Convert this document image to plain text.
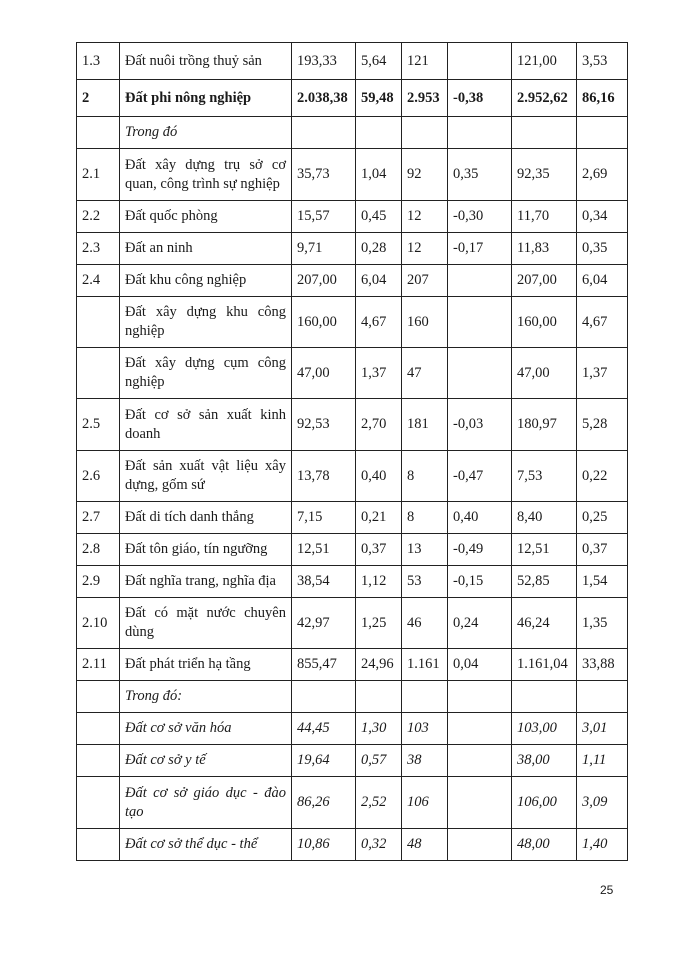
1.3	Đất nuôi trồng thuỷ sản	193,33	5,64	121		121,00	3,53
2	Đất phi nông nghiệp	2.038,38	59,48	2.953	-0,38	2.952,62	86,16
	Trong đó						
2.1	Đất xây dựng trụ sở cơ quan, công trình sự nghiệp	35,73	1,04	92	0,35	92,35	2,69
2.2	Đất quốc phòng	15,57	0,45	12	-0,30	11,70	0,34
2.3	Đất an ninh	9,71	0,28	12	-0,17	11,83	0,35
2.4	Đất khu công nghiệp	207,00	6,04	207		207,00	6,04
	Đất xây dựng khu công nghiệp	160,00	4,67	160		160,00	4,67
	Đất xây dựng cụm công nghiệp	47,00	1,37	47		47,00	1,37
2.5	Đất cơ sở sản xuất kinh doanh	92,53	2,70	181	-0,03	180,97	5,28
2.6	Đất sản xuất vật liệu xây dựng, gốm sứ	13,78	0,40	8	-0,47	7,53	0,22
2.7	Đất di tích danh thắng	7,15	0,21	8	0,40	8,40	0,25
2.8	Đất tôn giáo, tín ngưỡng	12,51	0,37	13	-0,49	12,51	0,37
2.9	Đất nghĩa trang, nghĩa địa	38,54	1,12	53	-0,15	52,85	1,54
2.10	Đất có mặt nước chuyên dùng	42,97	1,25	46	0,24	46,24	1,35
2.11	Đất phát triển hạ tầng	855,47	24,96	1.161	0,04	1.161,04	33,88
	Trong đó:						
	Đất cơ sở văn hóa	44,45	1,30	103		103,00	3,01
	Đất cơ sở y tế	19,64	0,57	38		38,00	1,11
	Đất cơ sở giáo dục - đào tạo	86,26	2,52	106		106,00	3,09
	Đất cơ sở thể dục - thể	10,86	0,32	48		48,00	1,40
25
